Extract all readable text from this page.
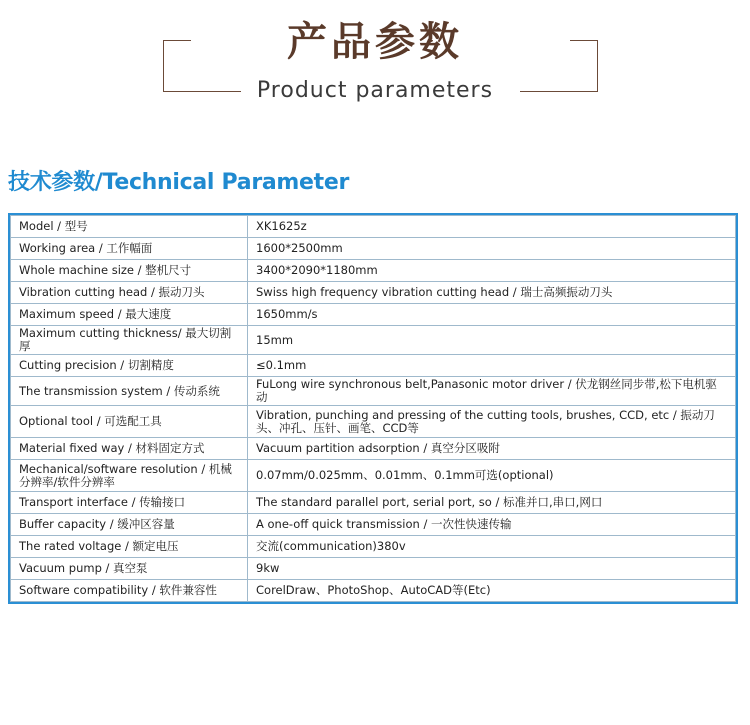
产品参数
Product parameters
技术参数/Technical Parameter
Model / 型号	XK1625z
Working area / 工作幅面	1600*2500mm
Whole machine size / 整机尺寸	3400*2090*1180mm
Vibration cutting head / 振动刀头	Swiss high frequency vibration cutting head / 瑞士高频振动刀头
Maximum speed / 最大速度	1650mm/s
Maximum cutting thickness/ 最大切割厚	15mm
Cutting precision / 切割精度	≤0.1mm
The transmission system / 传动系统	FuLong wire synchronous belt,Panasonic motor driver / 伏龙钢丝同步带,松下电机驱动
Optional tool / 可选配工具	Vibration, punching and pressing of the cutting tools, brushes, CCD, etc / 振动刀头、冲孔、压针、画笔、CCD等
Material fixed way / 材料固定方式	Vacuum partition adsorption / 真空分区吸附
Mechanical/software resolution / 机械分辨率/软件分辨率	0.07mm/0.025mm、0.01mm、0.1mm可选(optional)
Transport interface / 传输接口	The standard parallel port, serial port, so / 标准并口,串口,网口
Buffer capacity / 缓冲区容量	A one-off quick transmission / 一次性快速传输
The rated voltage / 额定电压	交流(communication)380v
Vacuum pump / 真空泵	9kw
Software compatibility / 软件兼容性	CorelDraw、PhotoShop、AutoCAD等(Etc)
